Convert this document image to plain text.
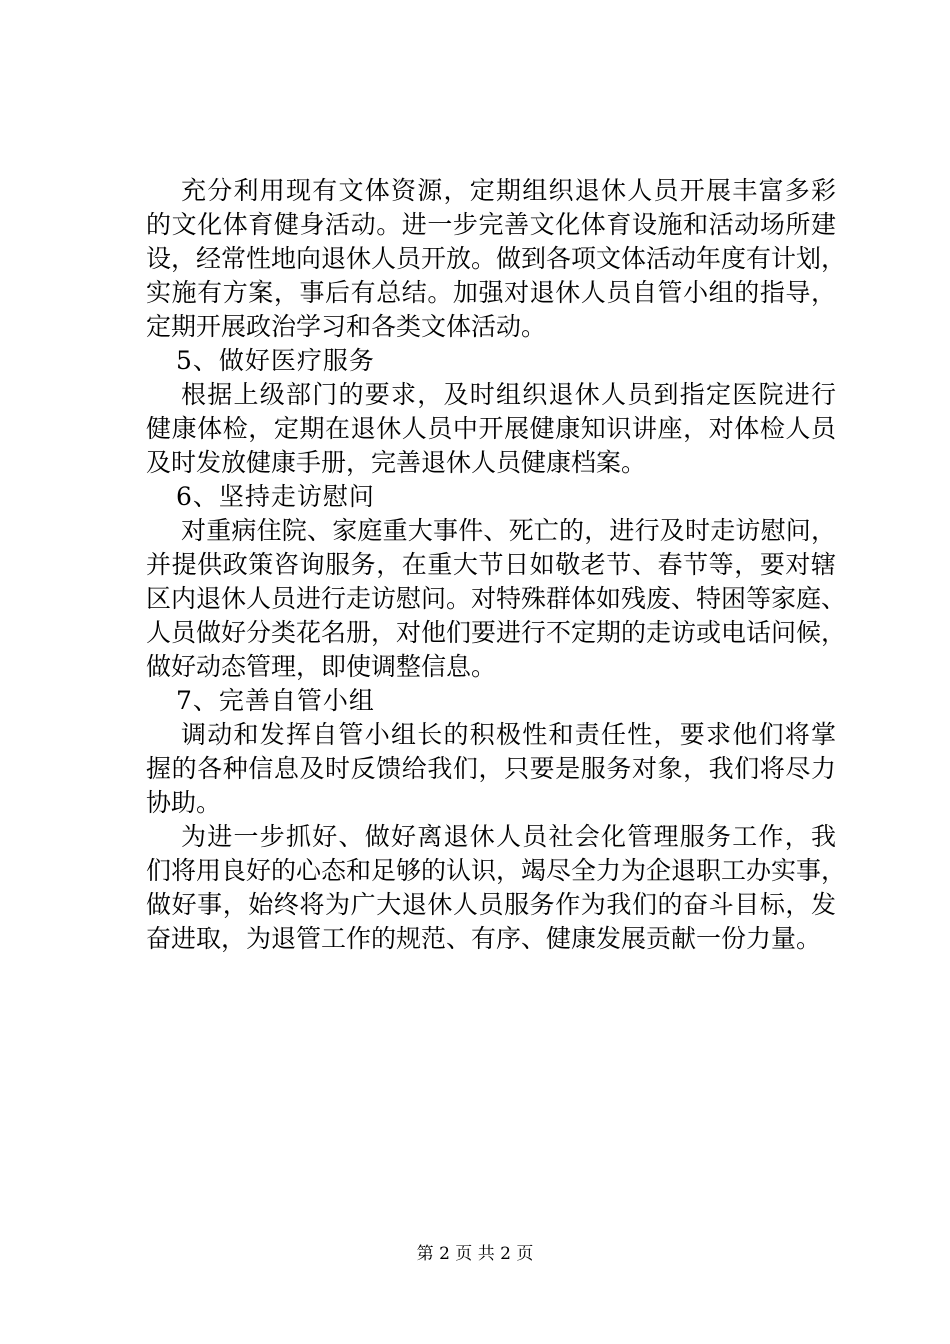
充分利用现有文体资源，定期组织退休人员开展丰富多彩
的文化体育健身活动。进一步完善文化体育设施和活动场所建
设，经常性地向退休人员开放。做到各项文体活动年度有计划，
实施有方案，事后有总结。加强对退休人员自管小组的指导，
定期开展政治学习和各类文体活动。
5、做好医疗服务
根据上级部门的要求，及时组织退休人员到指定医院进行
健康体检，定期在退休人员中开展健康知识讲座，对体检人员
及时发放健康手册，完善退休人员健康档案。
6、坚持走访慰问
对重病住院、家庭重大事件、死亡的，进行及时走访慰问，
并提供政策咨询服务，在重大节日如敬老节、春节等，要对辖
区内退休人员进行走访慰问。对特殊群体如残废、特困等家庭、
人员做好分类花名册，对他们要进行不定期的走访或电话问候，
做好动态管理，即使调整信息。
7、完善自管小组
调动和发挥自管小组长的积极性和责任性，要求他们将掌
握的各种信息及时反馈给我们，只要是服务对象，我们将尽力
协助。
为进一步抓好、做好离退休人员社会化管理服务工作，我
们将用良好的心态和足够的认识，竭尽全力为企退职工办实事，
做好事，始终将为广大退休人员服务作为我们的奋斗目标，发
奋进取，为退管工作的规范、有序、健康发展贡献一份力量。
第 2 页 共 2 页
